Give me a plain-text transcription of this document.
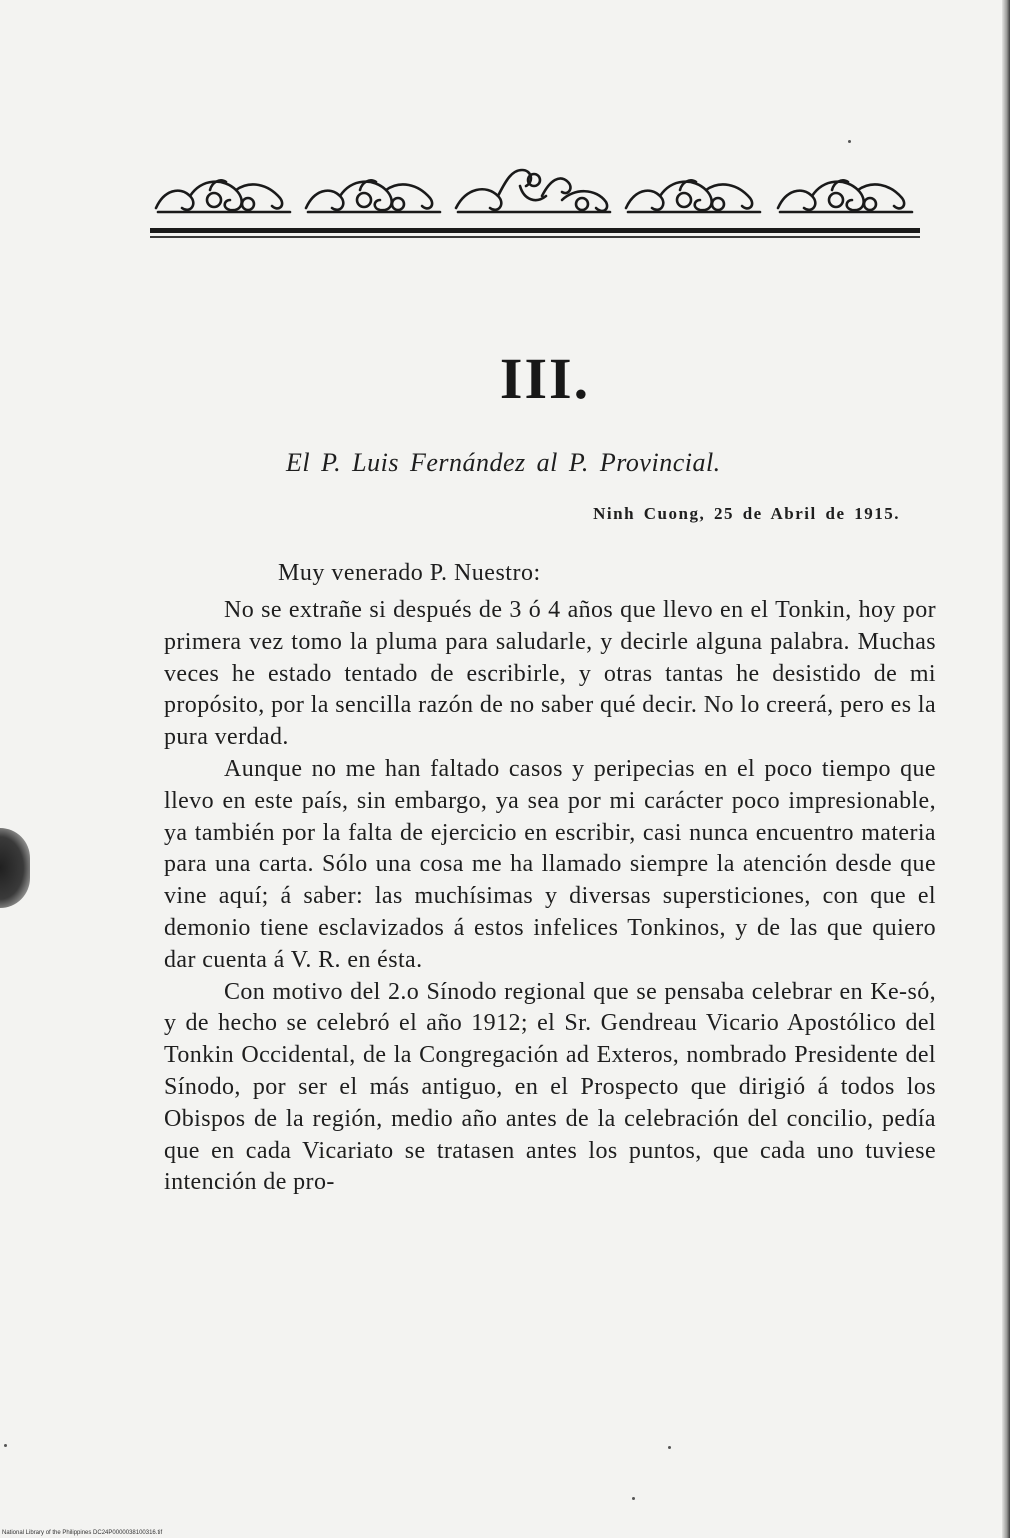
III.
El P. Luis Fernández al P. Provincial.
Ninh Cuong, 25 de Abril de 1915.
Muy venerado P. Nuestro:

No se extrañe si después de 3 ó 4 años que llevo en el Tonkin, hoy por primera vez tomo la pluma para saludarle, y decirle alguna palabra. Muchas veces he estado tentado de escribirle, y otras tantas he desistido de mi propósito, por la sencilla razón de no saber qué decir. No lo creerá, pero es la pura verdad.

Aunque no me han faltado casos y peripecias en el poco tiempo que llevo en este país, sin embargo, ya sea por mi carácter poco impresionable, ya también por la falta de ejercicio en escribir, casi nunca encuentro materia para una carta. Sólo una cosa me ha llamado siempre la atención desde que vine aquí; á saber: las muchísimas y diversas supersticiones, con que el demonio tiene esclavizados á estos infelices Tonkinos, y de las que quiero dar cuenta á V. R. en ésta.

Con motivo del 2.o Sínodo regional que se pensaba celebrar en Ke-só, y de hecho se celebró el año 1912; el Sr. Gendreau Vicario Apostólico del Tonkin Occidental, de la Congregación ad Exteros, nombrado Presidente del Sínodo, por ser el más antiguo, en el Prospecto que dirigió á todos los Obispos de la región, medio año antes de la celebración del concilio, pedía que en cada Vicariato se tratasen antes los puntos, que cada uno tuviese intención de pro-

National Library of the Philippines DC24P0000038100316.tif
